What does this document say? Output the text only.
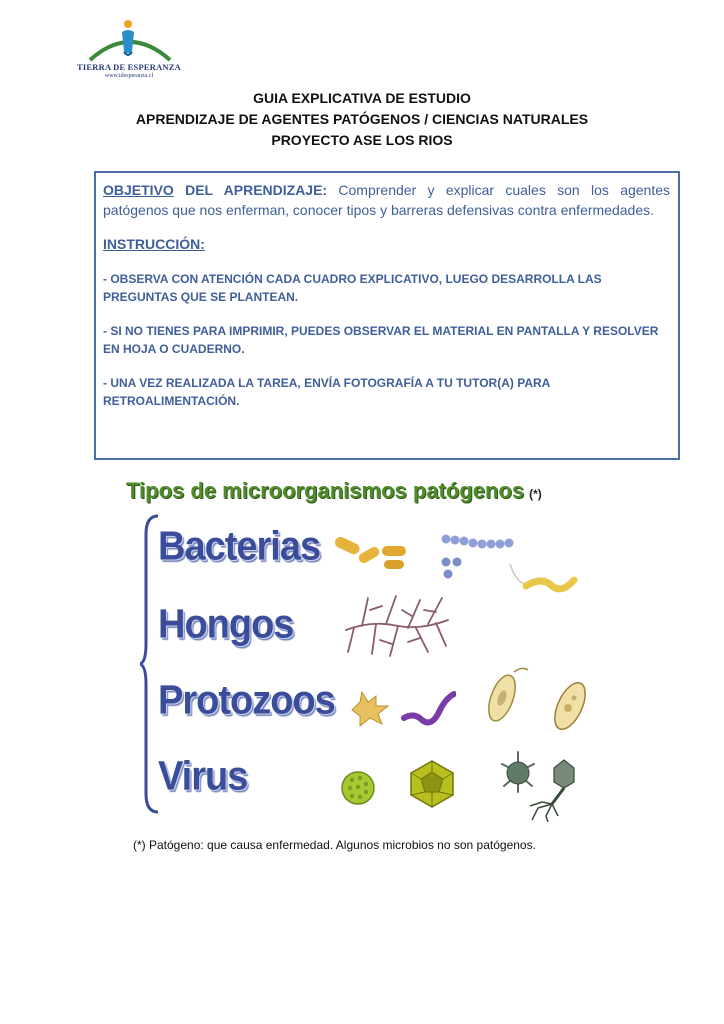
TIERRA DE ESPERANZA
www.tdesperanza.cl
GUIA EXPLICATIVA DE ESTUDIO
APRENDIZAJE DE AGENTES PATÓGENOS / CIENCIAS NATURALES
PROYECTO ASE LOS RIOS

OBJETIVO DEL APRENDIZAJE: Comprender y explicar cuales son los agentes patógenos que nos enferman, conocer tipos y barreras defensivas contra enfermedades.

INSTRUCCIÓN:

- OBSERVA CON ATENCIÓN CADA CUADRO EXPLICATIVO, LUEGO DESARROLLA LAS PREGUNTAS QUE SE PLANTEAN.

- SI NO TIENES PARA IMPRIMIR, PUEDES OBSERVAR EL MATERIAL EN PANTALLA Y RESOLVER EN HOJA O CUADERNO.

- UNA VEZ REALIZADA LA TAREA, ENVÍA FOTOGRAFÍA A TU TUTOR(A) PARA RETROALIMENTACIÓN.

Tipos de microorganismos patógenos (*)
Bacterias
Hongos
Protozoos
Virus
(*) Patógeno: que causa enfermedad. Algunos microbios no son patógenos.
